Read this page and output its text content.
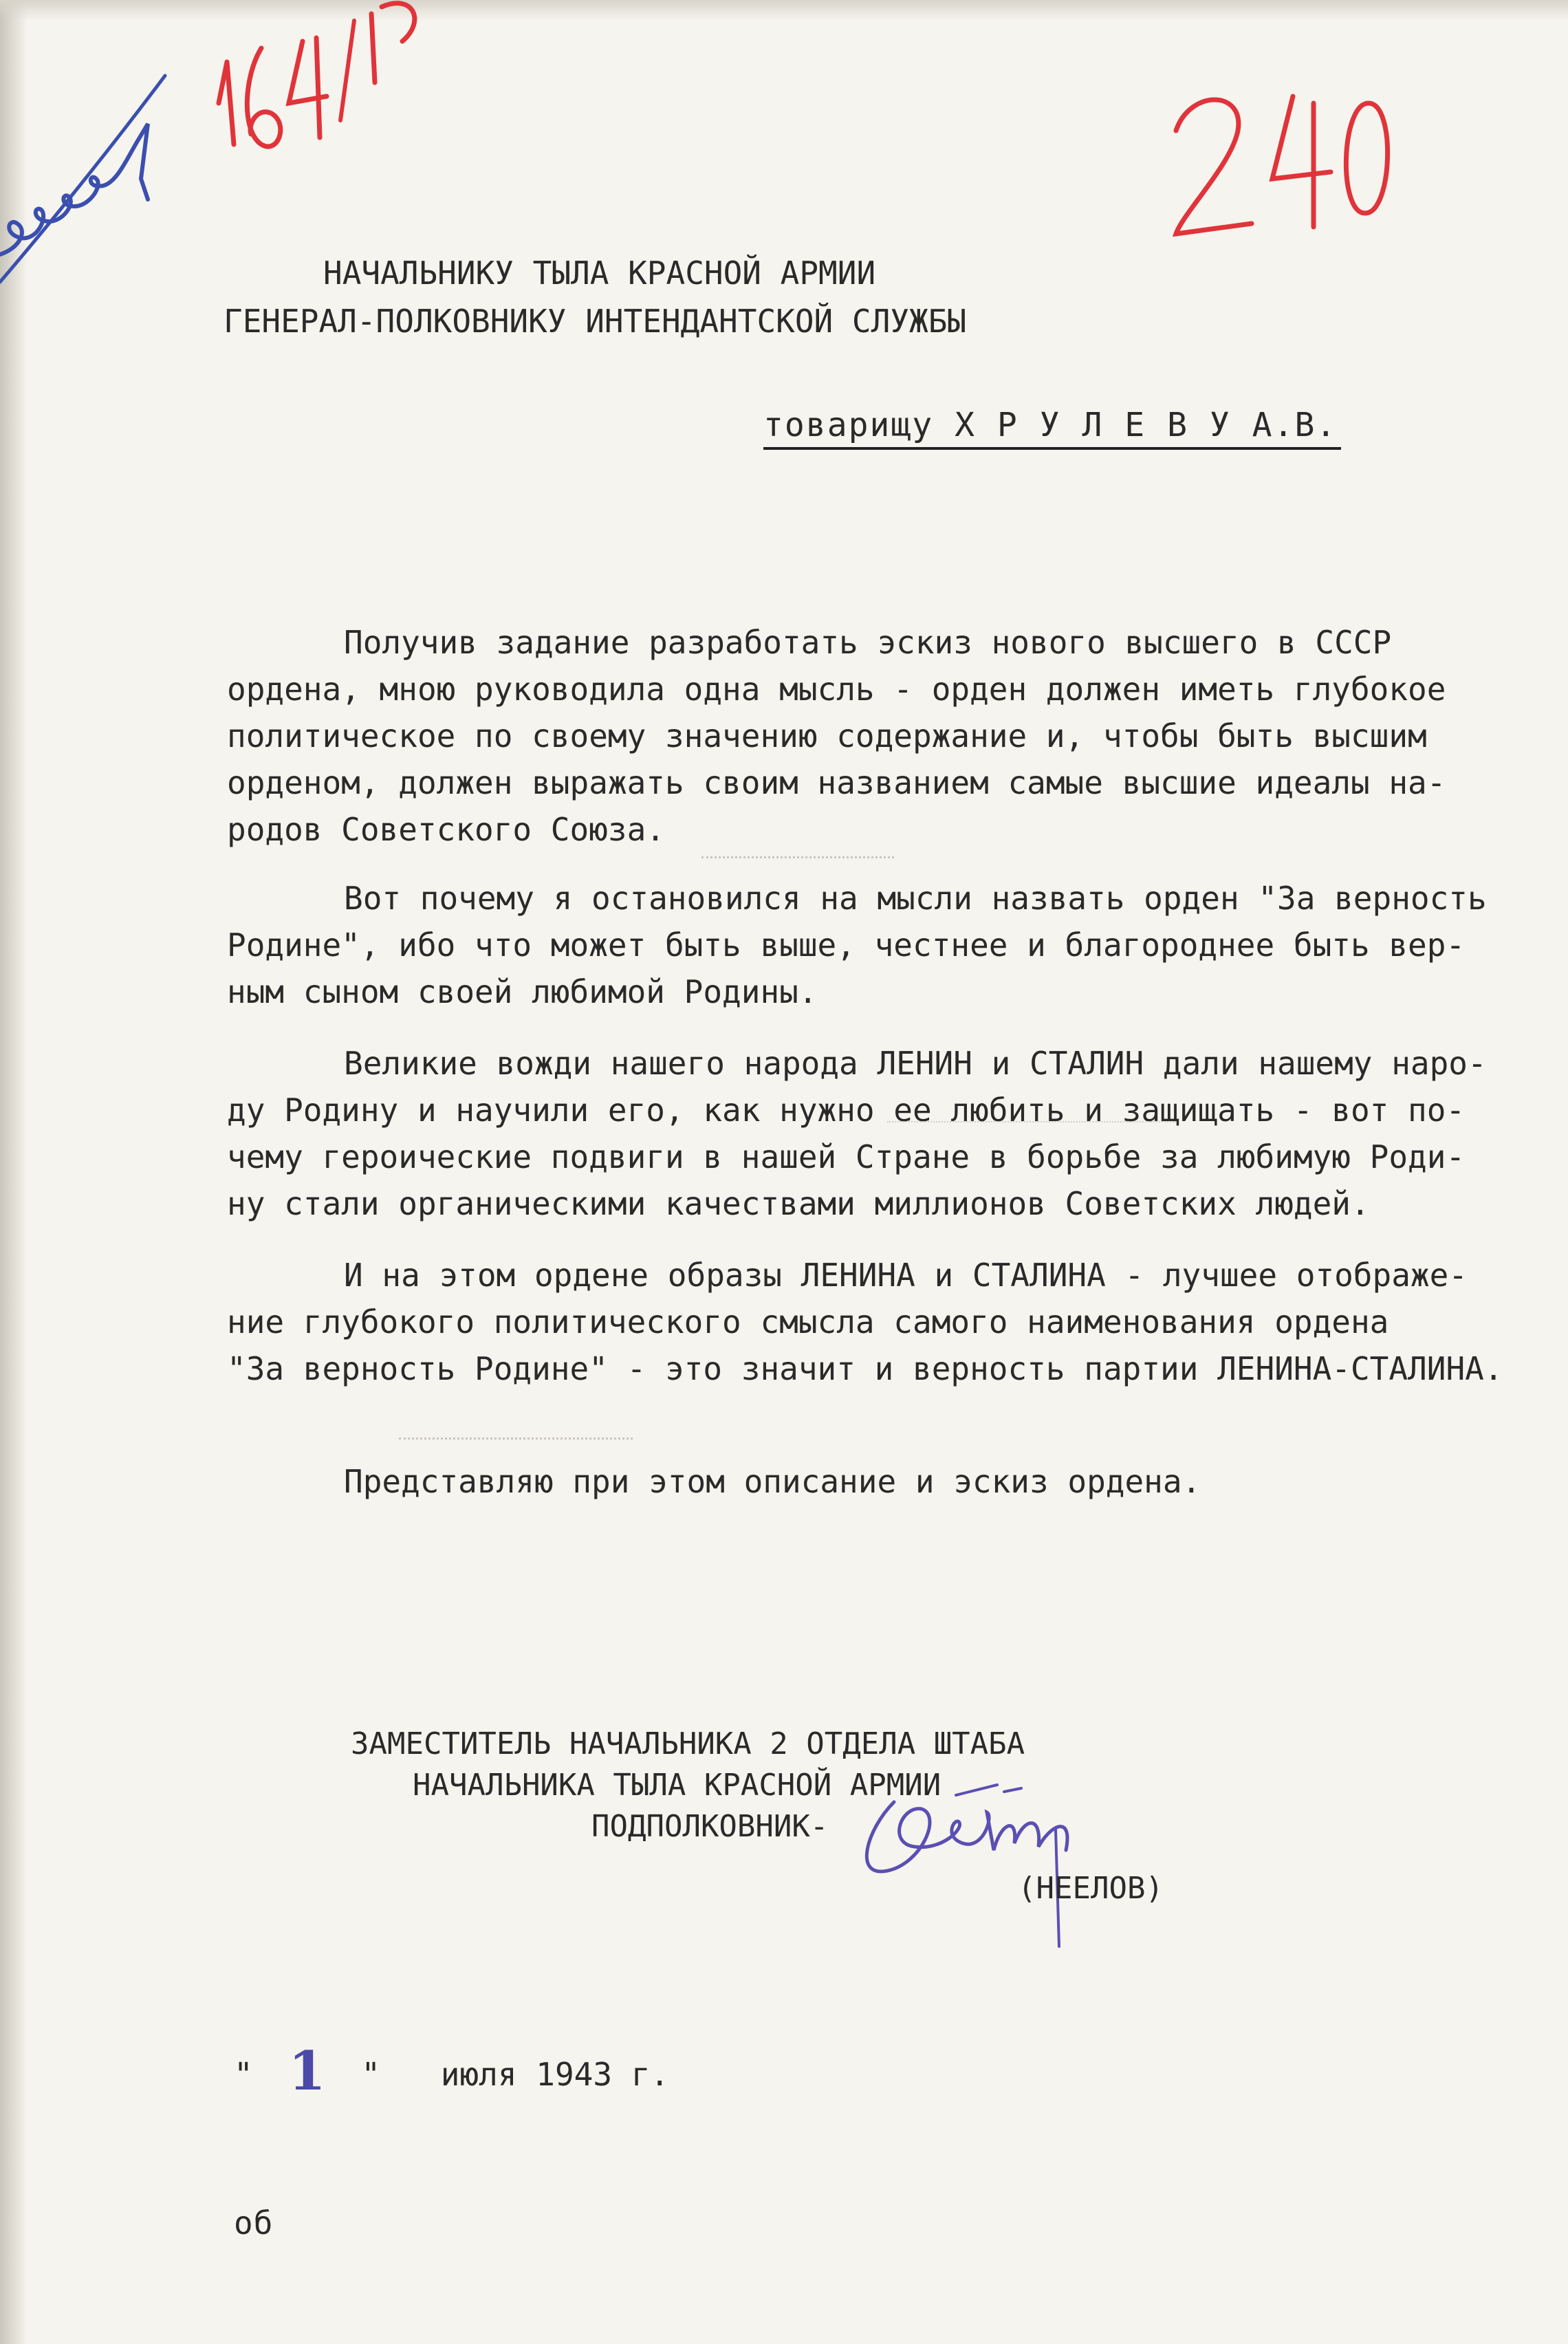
НАЧАЛЬНИКУ ТЫЛА КРАСНОЙ АРМИИ
ГЕНЕРАЛ-ПОЛКОВНИКУ ИНТЕНДАНТСКОЙ СЛУЖБЫ
товарищу Х Р У Л Е В У А.В.
Получив задание разработать эскиз нового высшего в СССР
ордена, мною руководила одна мысль - орден должен иметь глубокое
политическое по своему значению содержание и, чтобы быть высшим
орденом, должен выражать своим названием самые высшие идеалы на-
родов Советского Союза.
Вот почему я остановился на мысли назвать орден "За верность
Родине", ибо что может быть выше, честнее и благороднее быть вер-
ным сыном своей любимой Родины.
Великие вожди нашего народа ЛЕНИН и СТАЛИН дали нашему наро-
ду Родину и научили его, как нужно ее любить и защищать - вот по-
чему героические подвиги в нашей Стране в борьбе за любимую Роди-
ну стали органическими качествами миллионов Советских людей.
И на этом ордене образы ЛЕНИНА и СТАЛИНА - лучшее отображе-
ние глубокого политического смысла самого наименования ордена
"За верность Родине" - это значит и верность партии ЛЕНИНА-СТАЛИНА.
Представляю при этом описание и эскиз ордена.
ЗАМЕСТИТЕЛЬ НАЧАЛЬНИКА 2 ОТДЕЛА ШТАБА
НАЧАЛЬНИКА ТЫЛА КРАСНОЙ АРМИИ
ПОДПОЛКОВНИК-
(НЕЕЛОВ)
" 1 " июля 1943 г.
об
